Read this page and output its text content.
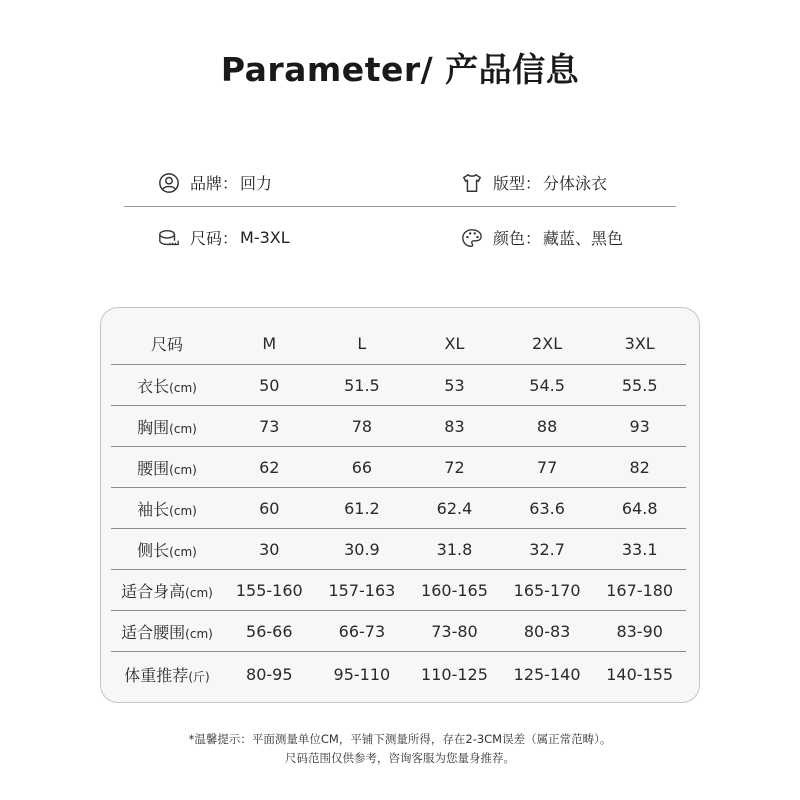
Parameter/ 产品信息
品牌： 回力	版型： 分体泳衣
尺码： M-3XL	颜色： 藏蓝、黑色
尺码	M	L	XL	2XL	3XL
衣长(cm)	50	51.5	53	54.5	55.5
胸围(cm)	73	78	83	88	93
腰围(cm)	62	66	72	77	82
袖长(cm)	60	61.2	62.4	63.6	64.8
侧长(cm)	30	30.9	31.8	32.7	33.1
适合身高(cm)	155-160	157-163	160-165	165-170	167-180
适合腰围(cm)	56-66	66-73	73-80	80-83	83-90
体重推荐(斤)	80-95	95-110	110-125	125-140	140-155
*温馨提示：平面测量单位CM，平铺下测量所得，存在2-3CM误差（属正常范畴）。
尺码范围仅供参考，咨询客服为您量身推荐。
